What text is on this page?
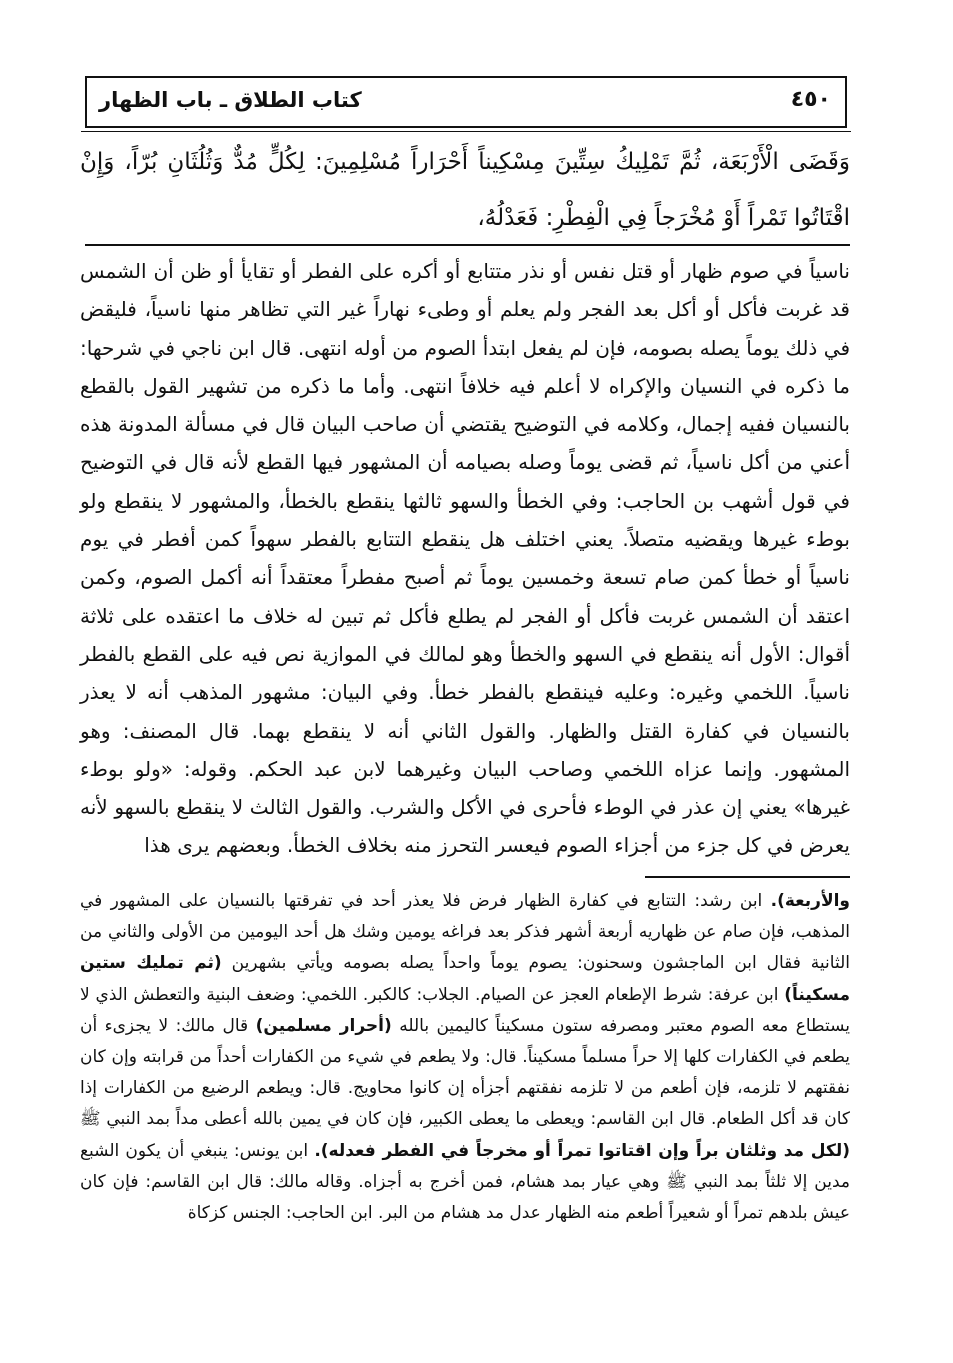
كتاب الطلاق ـ باب الظهار	٤٥٠

وَقَضَى الْأَرْبَعَة، ثُمَّ تَمْلِيكُ سِتِّينَ مِسْكِيناً أَحْرَاراً مُسْلِمِينَ: لِكُلٍّ مُدٌّ وَثُلُثَانِ بُرّاً، وَإِنْ اقْتَاتُوا تَمْراً أَوْ مُخْرَجاً فِي الْفِطْرِ: فَعَدْلُهُ،

ناسياً في صوم ظهار أو قتل نفس أو نذر متتابع أو أكره على الفطر أو تقايأ أو ظن أن الشمس قد غربت فأكل أو أكل بعد الفجر ولم يعلم أو وطىء نهاراً غير التي تظاهر منها ناسياً، فليقض في ذلك يوماً يصله بصومه، فإن لم يفعل ابتدأ الصوم من أوله انتهى. قال ابن ناجي في شرحها: ما ذكره في النسيان والإكراه لا أعلم فيه خلافاً انتهى. وأما ما ذكره من تشهير القول بالقطع بالنسيان ففيه إجمال، وكلامه في التوضيح يقتضي أن صاحب البيان قال في مسألة المدونة هذه أعني من أكل ناسياً، ثم قضى يوماً وصله بصيامه أن المشهور فيها القطع لأنه قال في التوضيح في قول أشهب بن الحاجب: وفي الخطأ والسهو ثالثها ينقطع بالخطأ، والمشهور لا ينقطع ولو بوطء غيرها ويقضيه متصلاً. يعني اختلف هل ينقطع التتابع بالفطر سهواً كمن أفطر في يوم ناسياً أو خطأ كمن صام تسعة وخمسين يوماً ثم أصبح مفطراً معتقداً أنه أكمل الصوم، وكمن اعتقد أن الشمس غربت فأكل أو الفجر لم يطلع فأكل ثم تبين له خلاف ما اعتقده على ثلاثة أقوال: الأول أنه ينقطع في السهو والخطأ وهو لمالك في الموازية نص فيه على القطع بالفطر ناسياً. اللخمي وغيره: وعليه فينقطع بالفطر خطأ. وفي البيان: مشهور المذهب أنه لا يعذر بالنسيان في كفارة القتل والظهار. والقول الثاني أنه لا ينقطع بهما. قال المصنف: وهو المشهور. وإنما عزاه اللخمي وصاحب البيان وغيرهما لابن عبد الحكم. وقوله: «ولو بوطء غيرها» يعني إن عذر في الوطء فأحرى في الأكل والشرب. والقول الثالث لا ينقطع بالسهو لأنه يعرض في كل جزء من أجزاء الصوم فيعسر التحرز منه بخلاف الخطأ. وبعضهم يرى هذا

والأربعة). ابن رشد: التتابع في كفارة الظهار فرض فلا يعذر أحد في تفرقتها بالنسيان على المشهور في المذهب، فإن صام عن ظهاريه أربعة أشهر فذكر بعد فراغه يومين وشك هل أحد اليومين من الأولى والثاني من الثانية فقال ابن الماجشون وسحنون: يصوم يوماً واحداً يصله بصومه ويأتي بشهرين (ثم تمليك ستين مسكيناً) ابن عرفة: شرط الإطعام العجز عن الصيام. الجلاب: كالكبر. اللخمي: وضعف البنية والتعطش الذي لا يستطاع معه الصوم معتبر ومصرفه ستون مسكيناً كاليمين بالله (أحرار مسلمين) قال مالك: لا يجزىء أن يطعم في الكفارات كلها إلا حراً مسلماً مسكيناً. قال: ولا يطعم في شيء من الكفارات أحداً من قرابته وإن كان نفقتهم لا تلزمه، فإن أطعم من لا تلزمه نفقتهم أجزأه إن كانوا محاويج. قال: ويطعم الرضيع من الكفارات إذا كان قد أكل الطعام. قال ابن القاسم: ويعطى ما يعطى الكبير، فإن كان في يمين بالله أعطى مداً بمد النبي ﷺ (لكل مد وثلثان براً وإن اقتاتوا تمراً أو مخرجاً في الفطر فعدله). ابن يونس: ينبغي أن يكون الشبع مدين إلا ثلثاً بمد النبي ﷺ وهي عيار بمد هشام، فمن أخرج به أجزاه. وقاله مالك: قال ابن القاسم: فإن كان عيش بلدهم تمراً أو شعيراً أطعم منه الظهار عدل مد هشام من البر. ابن الحاجب: الجنس كزكاة
